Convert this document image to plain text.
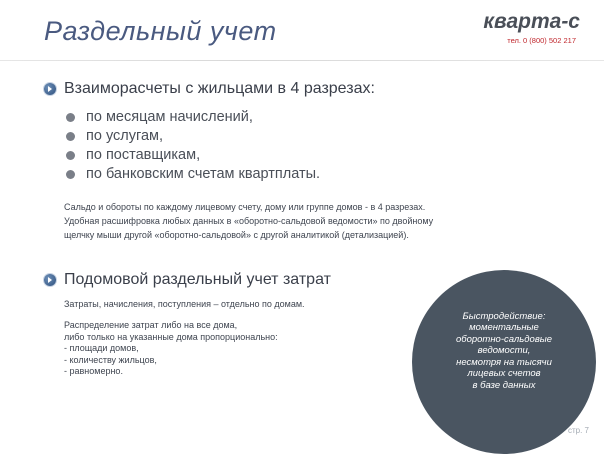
Раздельный учет	кварта-с
тел. 0 (800) 502 217
Взаиморасчеты с жильцами в 4 разрезах:
по месяцам начислений,
по услугам,
по поставщикам,
по банковским счетам квартплаты.
Сальдо и обороты по каждому лицевому счету, дому или группе домов - в 4 разрезах.
Удобная расшифровка любых данных в «оборотно-сальдовой ведомости» по двойному
щелчку мыши другой «оборотно-сальдовой» с другой аналитикой (детализацией).
Подомовой раздельный учет затрат
Затраты, начисления, поступления – отдельно по домам.
Распределение затрат либо на все дома,
либо только на указанные дома пропорционально:
- площади домов,
- количеству жильцов,
- равномерно.
Быстродействие:
моментальные
оборотно-сальдовые
ведомости,
несмотря на тысячи
лицевых счетов
в базе данных
стр. 7
